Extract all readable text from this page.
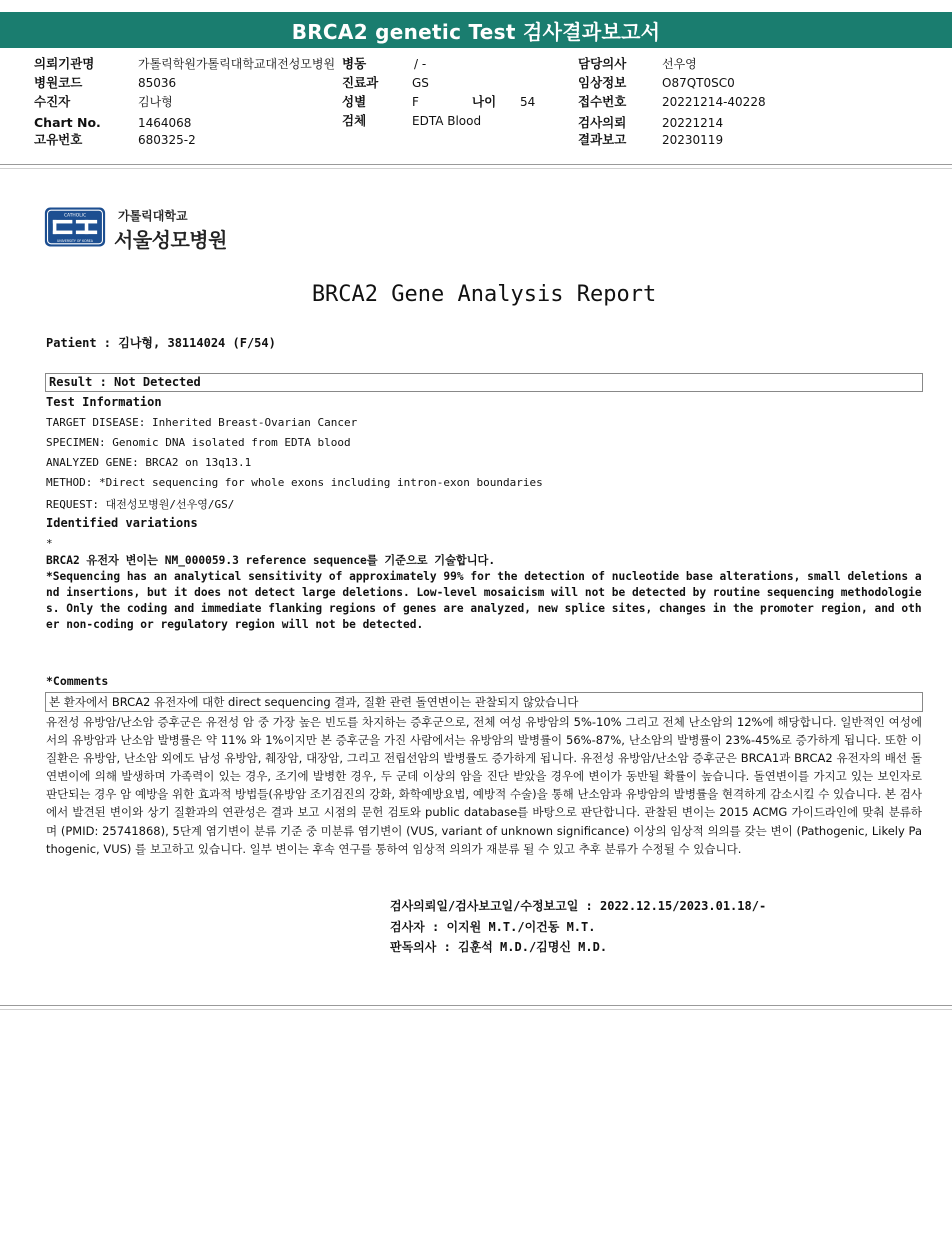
BRCA2 genetic Test 검사결과보고서
의뢰기관명	가톨릭학원가톨릭대학교대전성모병원 병동	/ -	담당의사	선우영
병원코드	85036	진료과	GS	임상정보	O87QT0SC0
수진자	김나형	성별	F	나이 54	접수번호	20221214-40228
Chart No.	1464068	검체	EDTA Blood	검사의뢰	20221214
고유번호	680325-2	결과보고	20230119
CATHOLIC
UNIVERSITY OF KOREA
가톨릭대학교
서울성모병원
BRCA2 Gene Analysis Report
Patient : 김나형, 38114024 (F/54)
Result : Not Detected
Test Information
TARGET DISEASE: Inherited Breast-Ovarian Cancer
SPECIMEN: Genomic DNA isolated from EDTA blood
ANALYZED GENE: BRCA2 on 13q13.1
METHOD: *Direct sequencing for whole exons including intron-exon boundaries
REQUEST: 대전성모병원/선우영/GS/
Identified variations
*
BRCA2 유전자 변이는 NM_000059.3 reference sequence를 기준으로 기술합니다.
*Sequencing has an analytical sensitivity of approximately 99% for the detection of nucleotide base alterations, small deletions and insertions, but it does not detect large deletions. Low-level mosaicism will not be detected by routine sequencing methodologies. Only the coding and immediate flanking regions of genes are analyzed, new splice sites, changes in the promoter region, and other non-coding or regulatory region will not be detected.
*Comments
본 환자에서 BRCA2 유전자에 대한 direct sequencing 결과, 질환 관련 돌연변이는 관찰되지 않았습니다
유전성 유방암/난소암 증후군은 유전성 암 중 가장 높은 빈도를 차지하는 증후군으로, 전체 여성 유방암의 5%-10% 그리고 전체 난소암의 12%에 해당합니다. 일반적인 여성에서의 유방암과 난소암 발병률은 약 11% 와 1%이지만 본 증후군을 가진 사람에서는 유방암의 발병률이 56%-87%, 난소암의 발병률이 23%-45%로 증가하게 됩니다. 또한 이 질환은 유방암, 난소암 외에도 남성 유방암, 췌장암, 대장암, 그리고 전립선암의 발병률도 증가하게 됩니다. 유전성 유방암/난소암 증후군은 BRCA1과 BRCA2 유전자의 배선 돌연변이에 의해 발생하며 가족력이 있는 경우, 조기에 발병한 경우, 두 군데 이상의 암을 진단 받았을 경우에 변이가 동반될 확률이 높습니다. 돌연변이를 가지고 있는 보인자로 판단되는 경우 암 예방을 위한 효과적 방법들(유방암 조기검진의 강화, 화학예방요법, 예방적 수술)을 통해 난소암과 유방암의 발병률을 현격하게 감소시킬 수 있습니다. 본 검사에서 발견된 변이와 상기 질환과의 연관성은 결과 보고 시점의 문헌 검토와 public database를 바탕으로 판단합니다. 관찰된 변이는 2015 ACMG 가이드라인에 맞춰 분류하며 (PMID: 25741868), 5단계 염기변이 분류 기준 중 미분류 염기변이 (VUS, variant of unknown significance) 이상의 임상적 의의를 갖는 변이 (Pathogenic, Likely Pathogenic, VUS) 를 보고하고 있습니다. 일부 변이는 후속 연구를 통하여 임상적 의의가 재분류 될 수 있고 추후 분류가 수정될 수 있습니다.
검사의뢰일/검사보고일/수정보고일 : 2022.12.15/2023.01.18/-
검사자 : 이지원 M.T./이건동 M.T.
판독의사 : 김훈석 M.D./김명신 M.D.
